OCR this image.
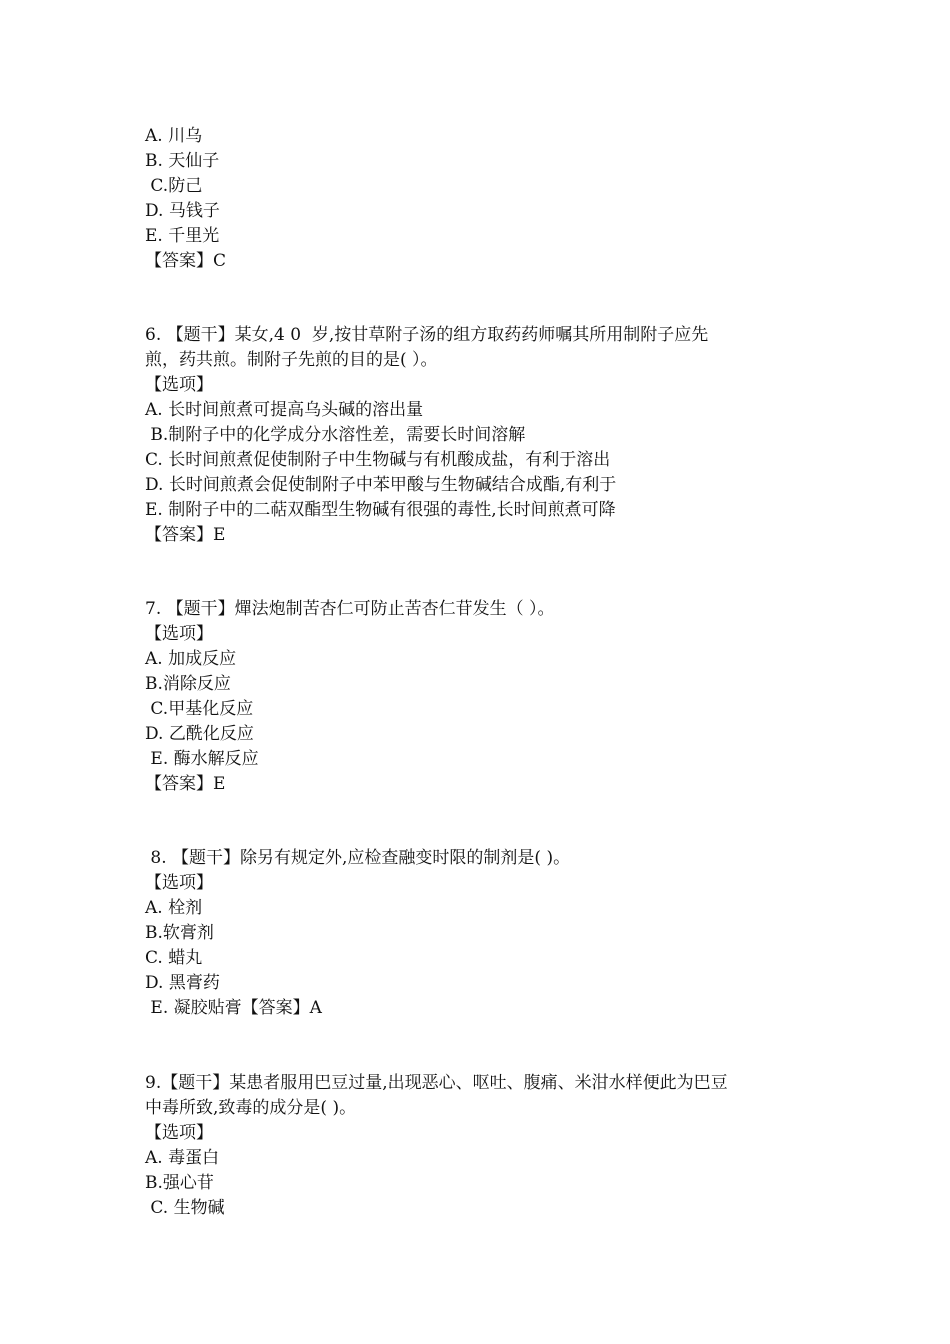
A. 川乌
B. 天仙子
C.防己
D. 马钱子
E. 千里光
【答案】C
6. 【题干】某女,4 0  岁,按甘草附子汤的组方取药药师嘱其所用制附子应先
煎，药共煎。制附子先煎的目的是( ）。
【选项】
A. 长时间煎煮可提高乌头碱的溶出量
B.制附子中的化学成分水溶性差，需要长时间溶解
C. 长时间煎煮促使制附子中生物碱与有机酸成盐，有利于溶出
D. 长时间煎煮会促使制附子中苯甲酸与生物碱结合成酯,有利于
E. 制附子中的二萜双酯型生物碱有很强的毒性,长时间煎煮可降
【答案】E
7. 【题干】燀法炮制苦杏仁可防止苦杏仁苷发生（ ）。
【选项】
A. 加成反应
B.消除反应
C.甲基化反应
D. 乙酰化反应
E. 酶水解反应
【答案】E
8. 【题干】除另有规定外,应检查融变时限的制剂是( )。
【选项】
A. 栓剂
B.软膏剂
C. 蜡丸
D. 黑膏药
E. 凝胶贴膏【答案】A
9.【题干】某患者服用巴豆过量,出现恶心、呕吐、腹痛、米泔水样便此为巴豆
中毒所致,致毒的成分是( )。
【选项】
A. 毒蛋白
B.强心苷
C. 生物碱
